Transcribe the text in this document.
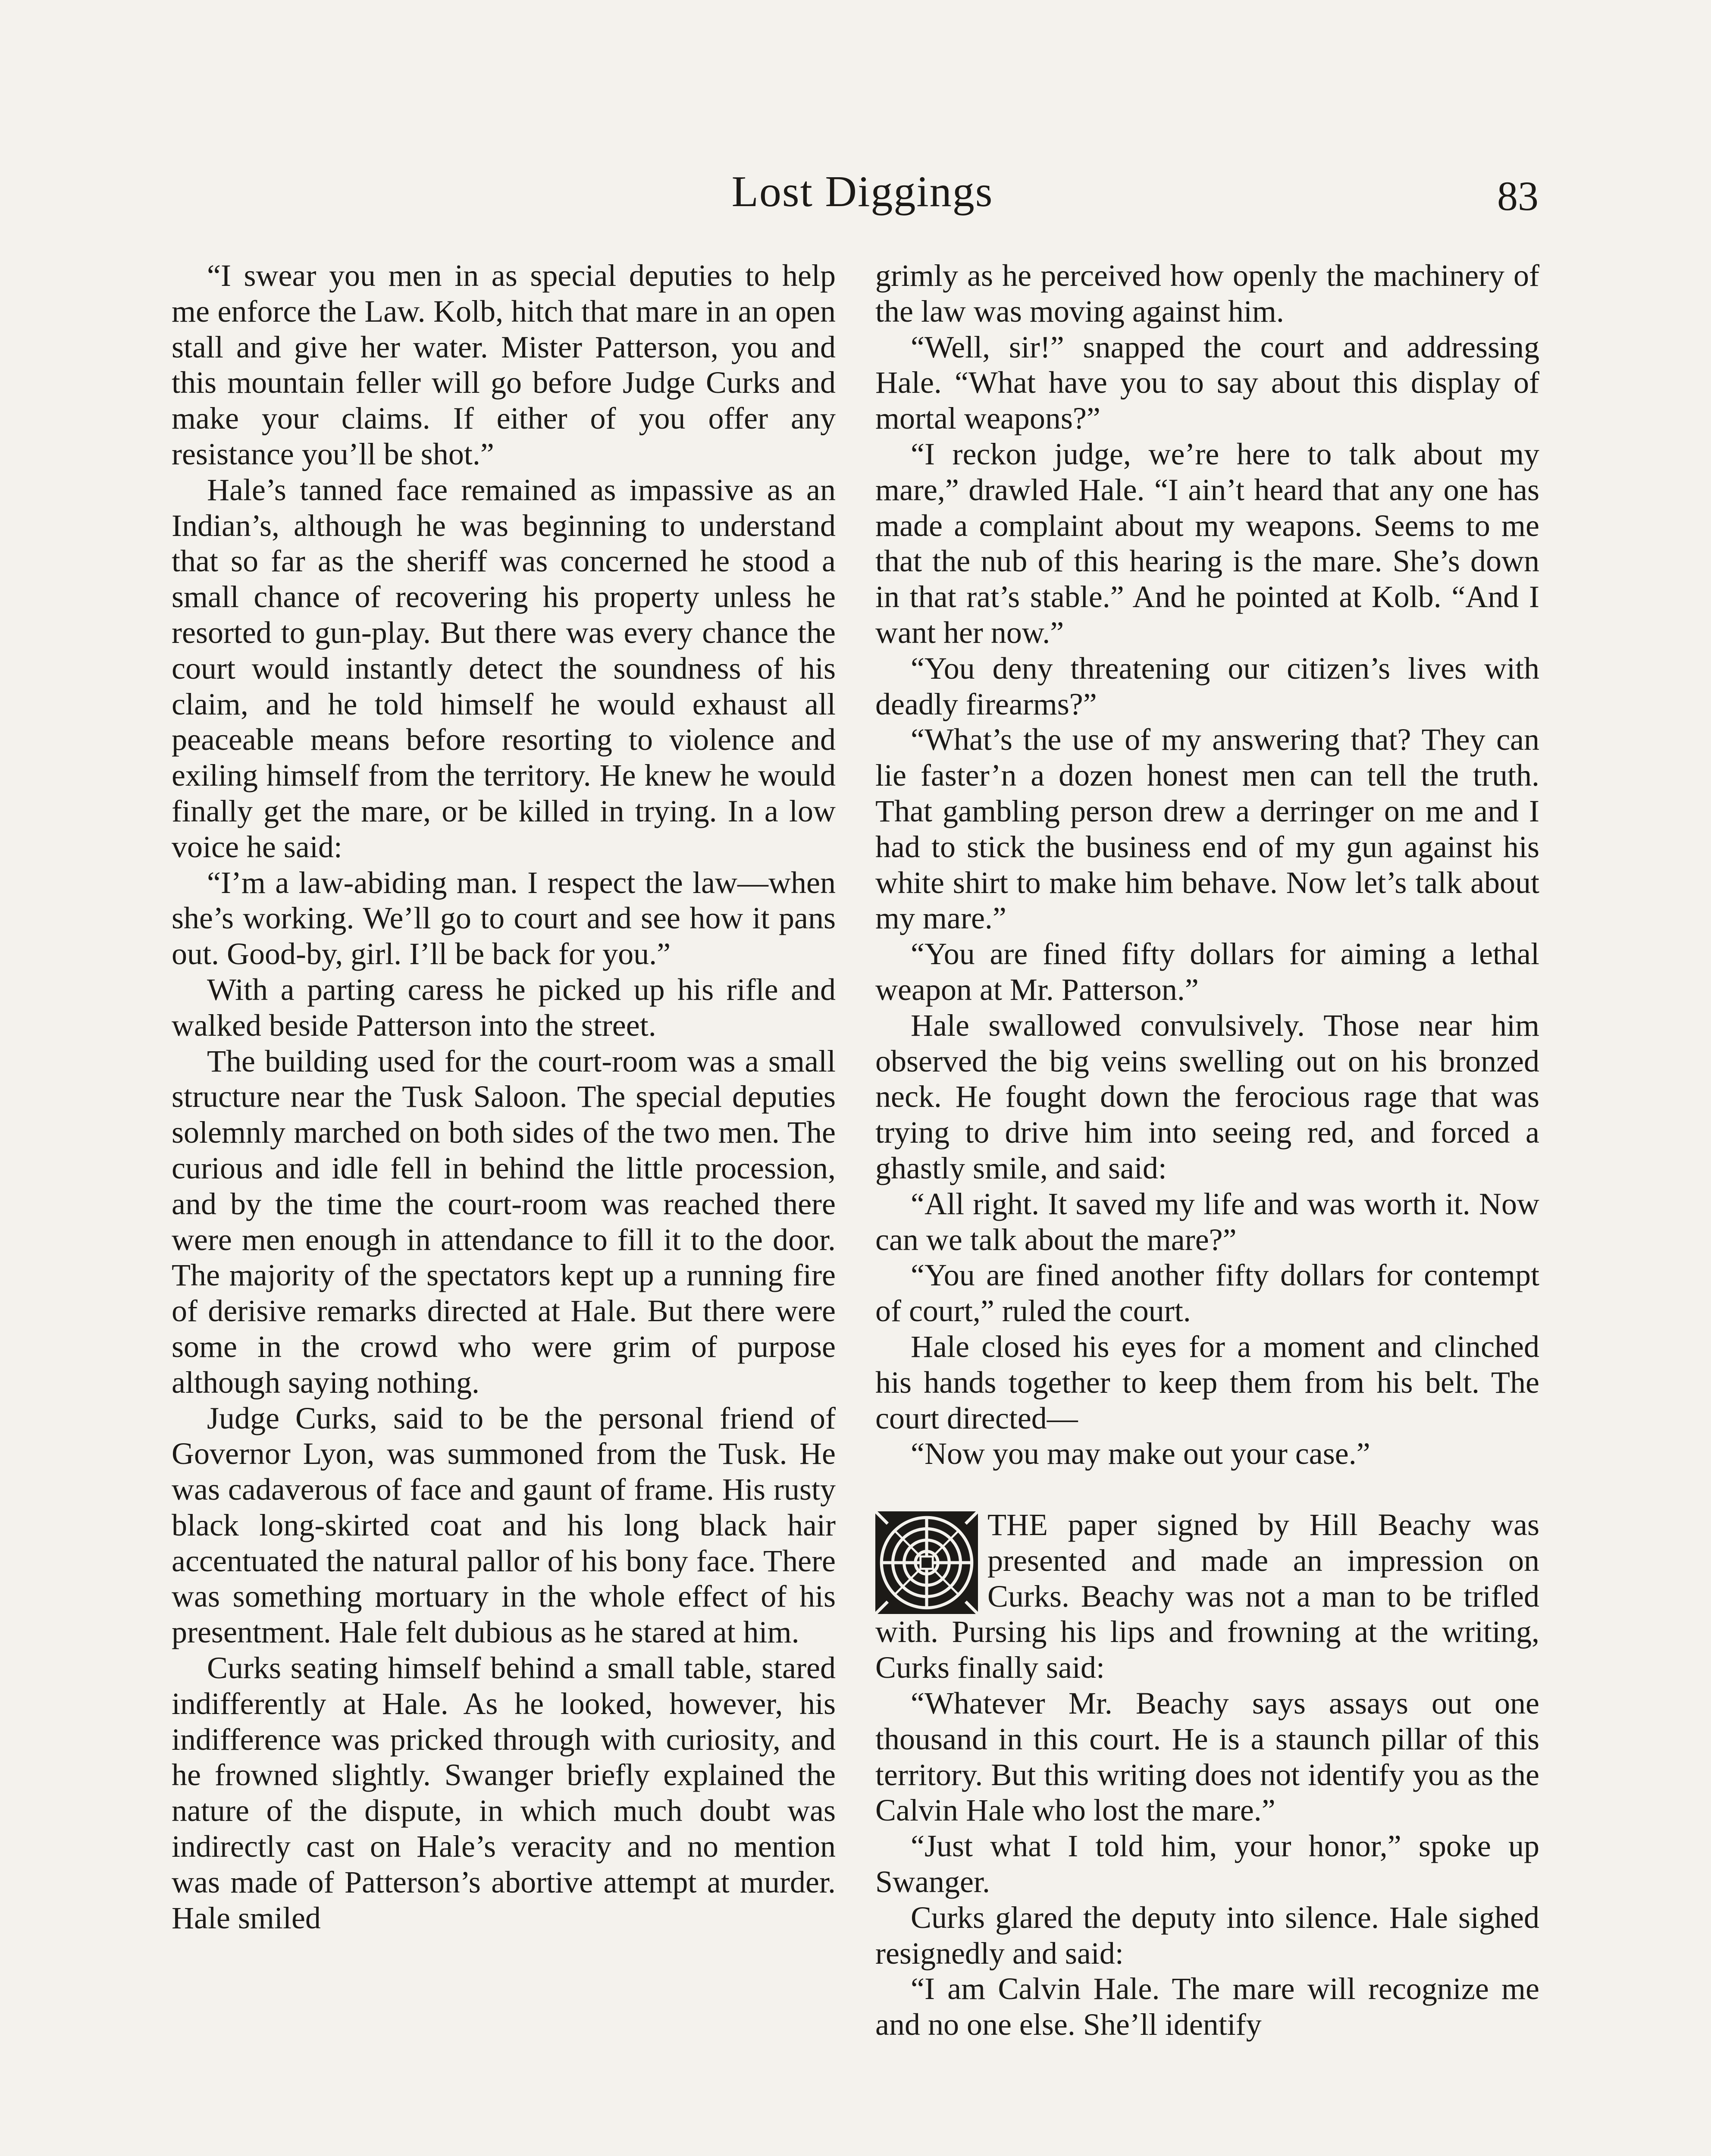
Lost Diggings	83

“I swear you men in as special deputies to help me enforce the Law. Kolb, hitch that mare in an open stall and give her water. Mister Patterson, you and this mountain feller will go before Judge Curks and make your claims. If either of you offer any resistance you’ll be shot.”

Hale’s tanned face remained as impassive as an Indian’s, although he was beginning to understand that so far as the sheriff was concerned he stood a small chance of recovering his property unless he resorted to gun-play. But there was every chance the court would instantly detect the soundness of his claim, and he told himself he would exhaust all peaceable means before resorting to violence and exiling himself from the territory. He knew he would finally get the mare, or be killed in trying. In a low voice he said:

“I’m a law-abiding man. I respect the law—when she’s working. We’ll go to court and see how it pans out. Good-by, girl. I’ll be back for you.”

With a parting caress he picked up his rifle and walked beside Patterson into the street.

The building used for the court-room was a small structure near the Tusk Saloon. The special deputies solemnly marched on both sides of the two men. The curious and idle fell in behind the little procession, and by the time the court-room was reached there were men enough in attendance to fill it to the door. The majority of the spectators kept up a running fire of derisive remarks directed at Hale. But there were some in the crowd who were grim of purpose although saying nothing.

Judge Curks, said to be the personal friend of Governor Lyon, was summoned from the Tusk. He was cadaverous of face and gaunt of frame. His rusty black long-skirted coat and his long black hair accentuated the natural pallor of his bony face. There was something mortuary in the whole effect of his presentment. Hale felt dubious as he stared at him.

Curks seating himself behind a small table, stared indifferently at Hale. As he looked, however, his indifference was pricked through with curiosity, and he frowned slightly. Swanger briefly explained the nature of the dispute, in which much doubt was indirectly cast on Hale’s veracity and no mention was made of Patterson’s abortive attempt at murder. Hale smiled

grimly as he perceived how openly the machinery of the law was moving against him.

“Well, sir!” snapped the court and addressing Hale. “What have you to say about this display of mortal weapons?”

“I reckon judge, we’re here to talk about my mare,” drawled Hale. “I ain’t heard that any one has made a complaint about my weapons. Seems to me that the nub of this hearing is the mare. She’s down in that rat’s stable.” And he pointed at Kolb. “And I want her now.”

“You deny threatening our citizen’s lives with deadly firearms?”

“What’s the use of my answering that? They can lie faster’n a dozen honest men can tell the truth. That gambling person drew a derringer on me and I had to stick the business end of my gun against his white shirt to make him behave. Now let’s talk about my mare.”

“You are fined fifty dollars for aiming a lethal weapon at Mr. Patterson.”

Hale swallowed convulsively. Those near him observed the big veins swelling out on his bronzed neck. He fought down the ferocious rage that was trying to drive him into seeing red, and forced a ghastly smile, and said:

“All right. It saved my life and was worth it. Now can we talk about the mare?”

“You are fined another fifty dollars for contempt of court,” ruled the court.

Hale closed his eyes for a moment and clinched his hands together to keep them from his belt. The court directed—

“Now you may make out your case.”

THE paper signed by Hill Beachy was presented and made an impression on Curks. Beachy was not a man to be trifled with. Pursing his lips and frowning at the writing, Curks finally said:

“Whatever Mr. Beachy says assays out one thousand in this court. He is a staunch pillar of this territory. But this writing does not identify you as the Calvin Hale who lost the mare.”

“Just what I told him, your honor,” spoke up Swanger.

Curks glared the deputy into silence. Hale sighed resignedly and said:

“I am Calvin Hale. The mare will recognize me and no one else. She’ll identify
